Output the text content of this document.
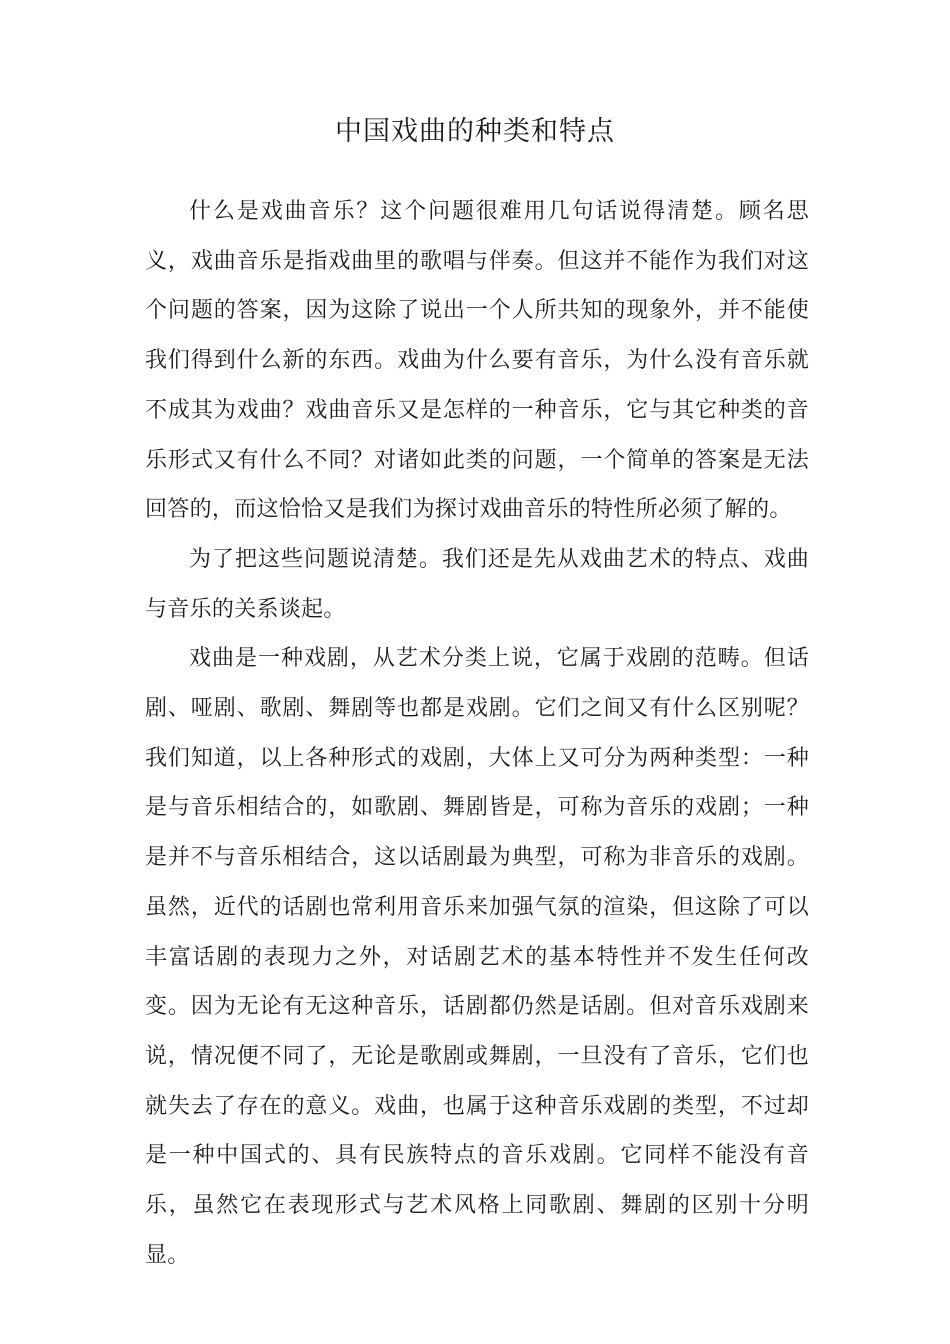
中国戏曲的种类和特点

什么是戏曲音乐？这个问题很难用几句话说得清楚。顾名思义，戏曲音乐是指戏曲里的歌唱与伴奏。但这并不能作为我们对这个问题的答案，因为这除了说出一个人所共知的现象外，并不能使我们得到什么新的东西。戏曲为什么要有音乐，为什么没有音乐就不成其为戏曲？戏曲音乐又是怎样的一种音乐，它与其它种类的音乐形式又有什么不同？对诸如此类的问题，一个简单的答案是无法回答的，而这恰恰又是我们为探讨戏曲音乐的特性所必须了解的。

为了把这些问题说清楚。我们还是先从戏曲艺术的特点、戏曲与音乐的关系谈起。

戏曲是一种戏剧，从艺术分类上说，它属于戏剧的范畴。但话剧、哑剧、歌剧、舞剧等也都是戏剧。它们之间又有什么区别呢？我们知道，以上各种形式的戏剧，大体上又可分为两种类型：一种是与音乐相结合的，如歌剧、舞剧皆是，可称为音乐的戏剧；一种是并不与音乐相结合，这以话剧最为典型，可称为非音乐的戏剧。虽然，近代的话剧也常利用音乐来加强气氛的渲染，但这除了可以丰富话剧的表现力之外，对话剧艺术的基本特性并不发生任何改变。因为无论有无这种音乐，话剧都仍然是话剧。但对音乐戏剧来说，情况便不同了，无论是歌剧或舞剧，一旦没有了音乐，它们也就失去了存在的意义。戏曲，也属于这种音乐戏剧的类型，不过却是一种中国式的、具有民族特点的音乐戏剧。它同样不能没有音乐，虽然它在表现形式与艺术风格上同歌剧、舞剧的区别十分明显。
